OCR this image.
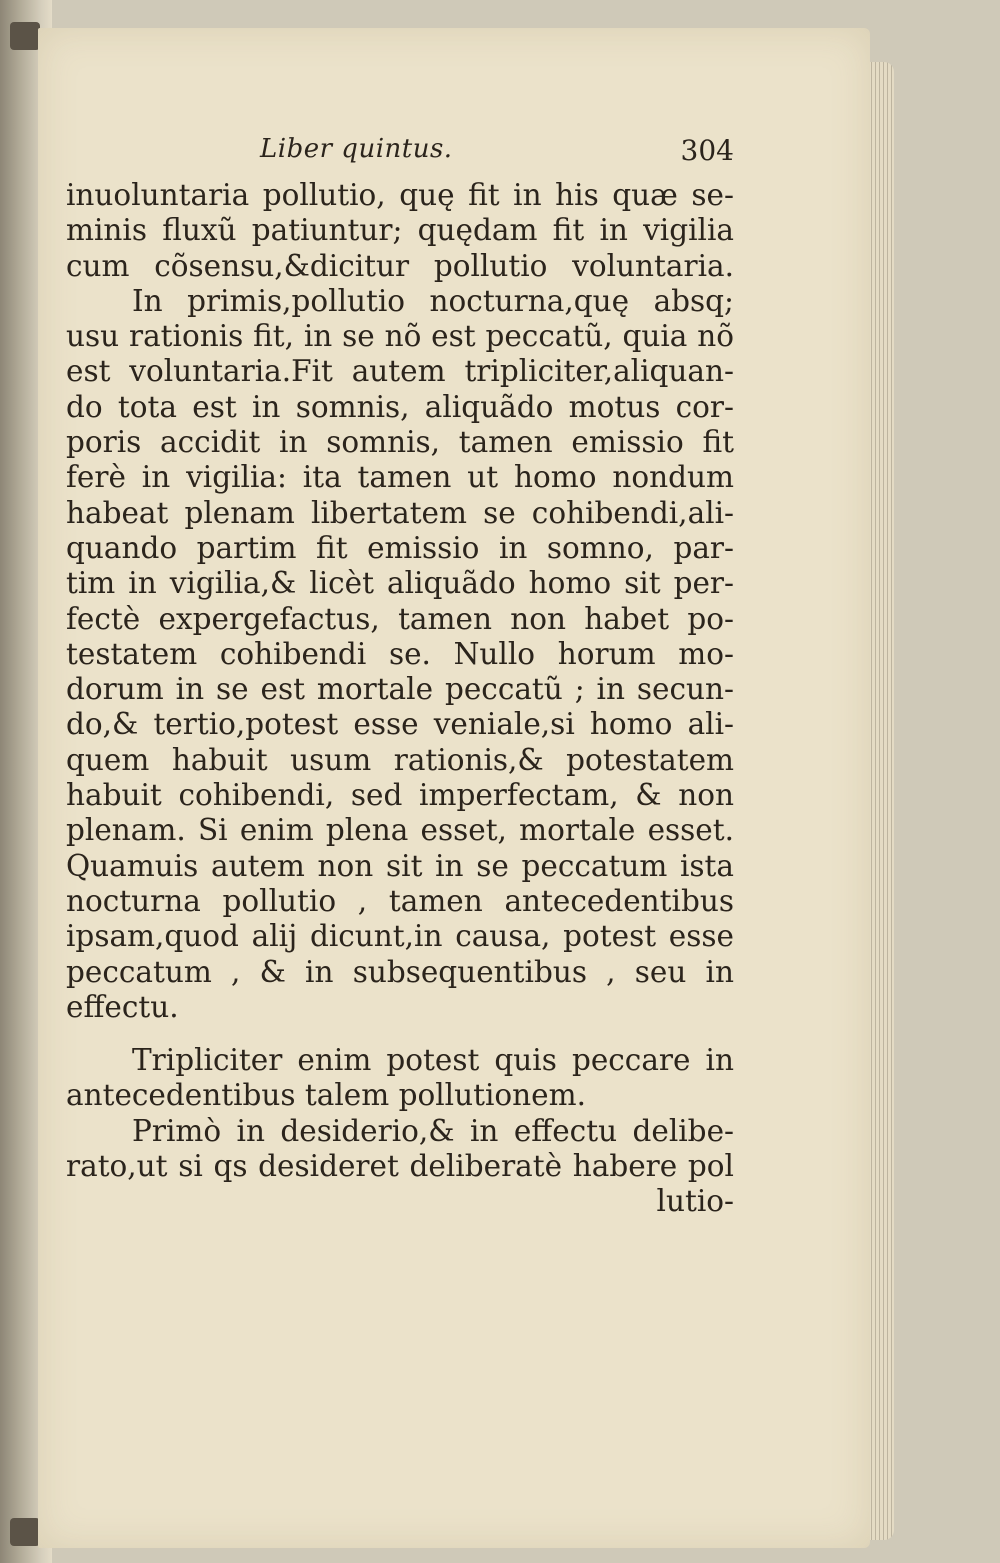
Liber quintus.	304
inuoluntaria pollutio, quę fit in his quæ se-
minis fluxũ patiuntur; quędam fit in vigilia
cum cõsensu,&dicitur pollutio voluntaria.
In primis,pollutio nocturna,quę absq;
usu rationis fit, in se nõ est peccatũ, quia nõ
est voluntaria.Fit autem tripliciter,aliquan-
do tota est in somnis, aliquãdo motus cor-
poris accidit in somnis, tamen emissio fit
ferè in vigilia: ita tamen ut homo nondum
habeat plenam libertatem se cohibendi,ali-
quando partim fit emissio in somno, par-
tim in vigilia,& licèt aliquãdo homo sit per-
fectè expergefactus, tamen non habet po-
testatem cohibendi se. Nullo horum mo-
dorum in se est mortale peccatũ ; in secun-
do,& tertio,potest esse veniale,si homo ali-
quem habuit usum rationis,& potestatem
habuit cohibendi, sed imperfectam, & non
plenam. Si enim plena esset, mortale esset.
Quamuis autem non sit in se peccatum ista
nocturna pollutio , tamen antecedentibus
ipsam,quod alij dicunt,in causa, potest esse
peccatum , & in subsequentibus , seu in
effectu.
Tripliciter enim potest quis peccare in
antecedentibus talem pollutionem.
Primò in desiderio,& in effectu delibe-
rato,ut si qs desideret deliberatè habere pol
lutio-
